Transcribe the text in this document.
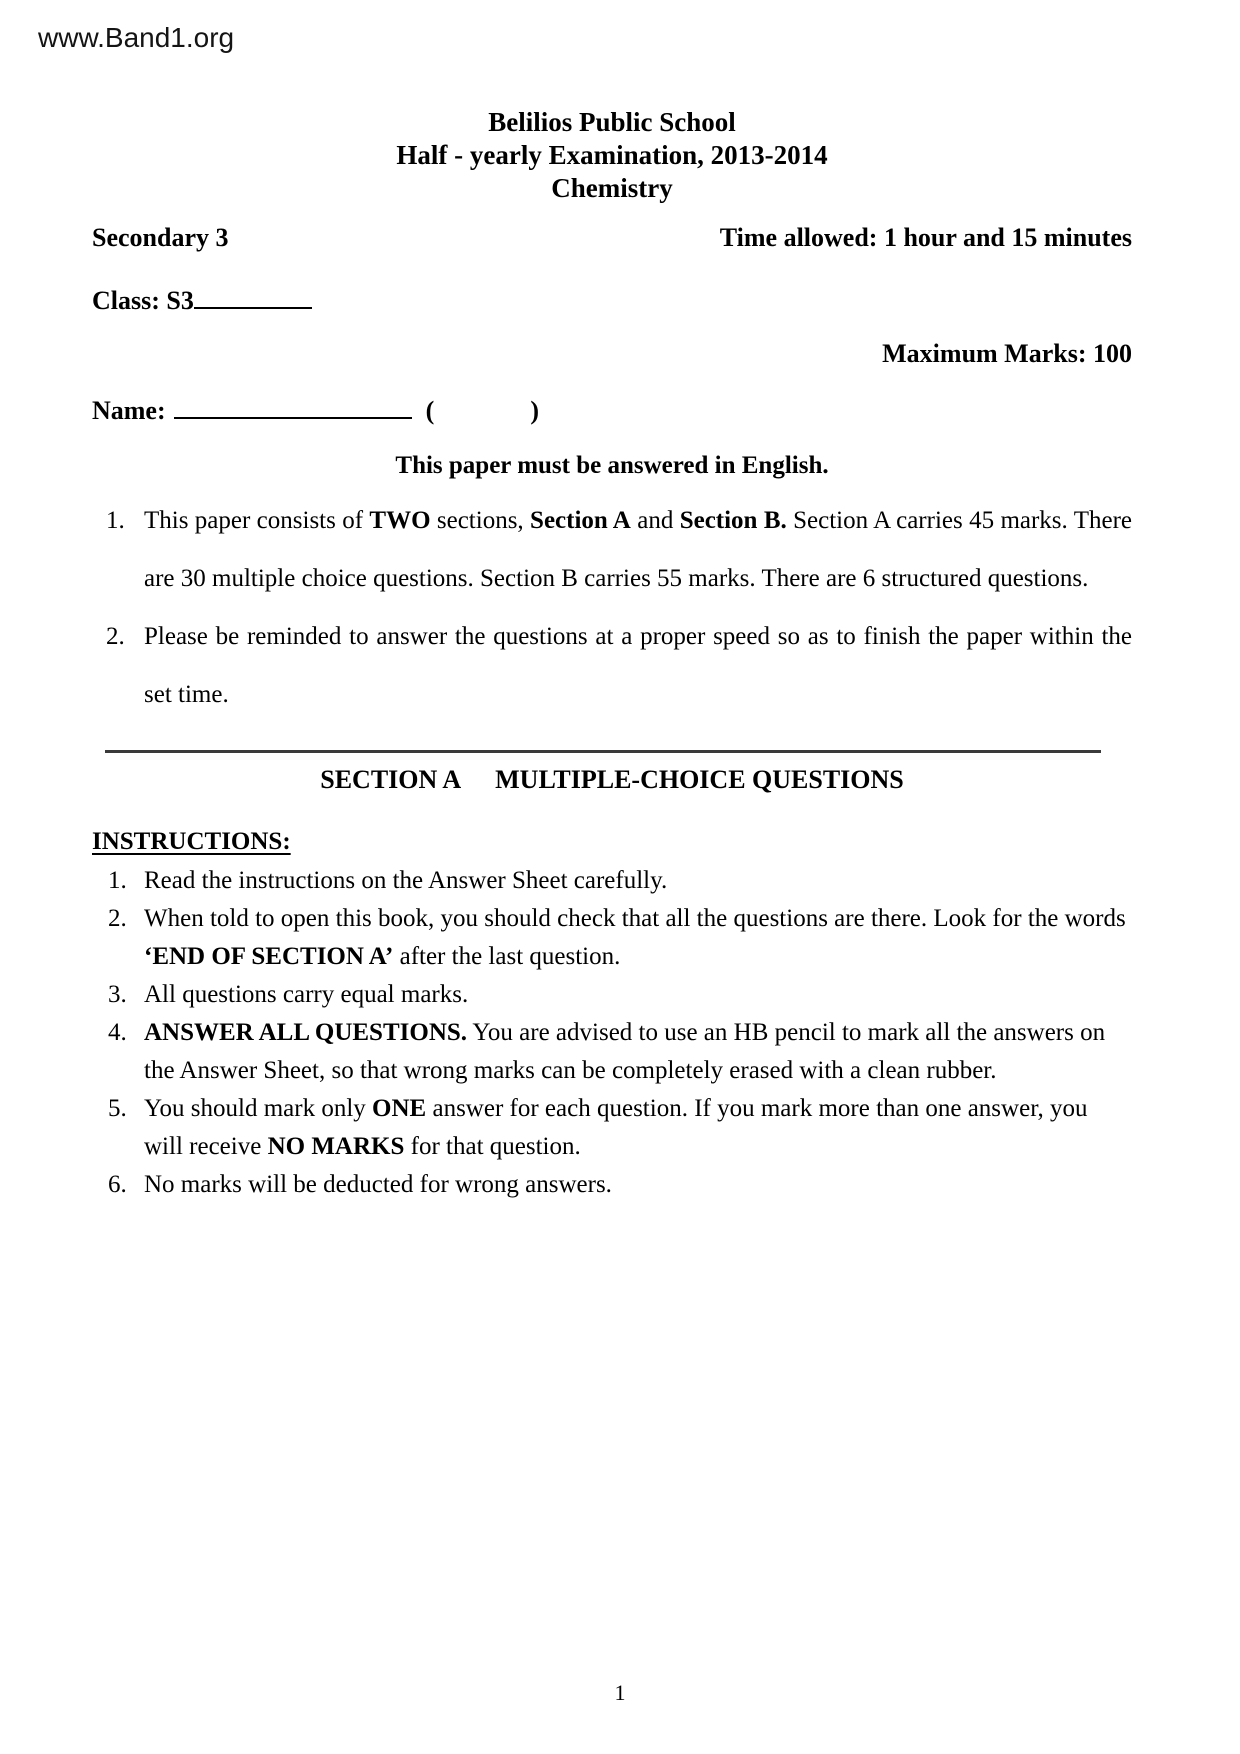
www.Band1.org
Belilios Public School
Half - yearly Examination, 2013-2014
Chemistry
Secondary 3	Time allowed: 1 hour and 15 minutes
Class: S3
Maximum Marks: 100
Name:	(	)
This paper must be answered in English.
1. This paper consists of TWO sections, Section A and Section B. Section A carries 45 marks. There are 30 multiple choice questions. Section B carries 55 marks. There are 6 structured questions.
2. Please be reminded to answer the questions at a proper speed so as to finish the paper within the set time.
SECTION A MULTIPLE-CHOICE QUESTIONS
INSTRUCTIONS:
1. Read the instructions on the Answer Sheet carefully.
2. When told to open this book, you should check that all the questions are there. Look for the words ‘END OF SECTION A’ after the last question.
3. All questions carry equal marks.
4. ANSWER ALL QUESTIONS. You are advised to use an HB pencil to mark all the answers on the Answer Sheet, so that wrong marks can be completely erased with a clean rubber.
5. You should mark only ONE answer for each question. If you mark more than one answer, you will receive NO MARKS for that question.
6. No marks will be deducted for wrong answers.
1
